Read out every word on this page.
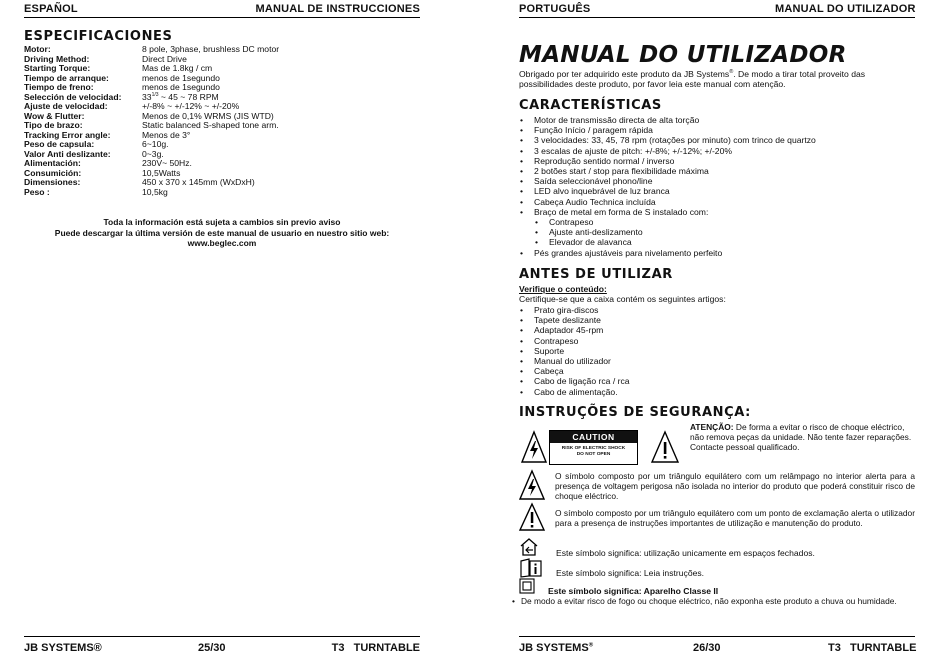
ESPAÑOL	MANUAL DE INSTRUCCIONES
ESPECIFICACIONES
Motor:	8 pole, 3phase, brushless DC motor
Driving Method:	Direct Drive
Starting Torque:	Mas de 1.8kg / cm
Tiempo de arranque:	menos de 1segundo
Tiempo de freno:	menos de 1segundo
Selección de velocidad:	$33^{1/3}$ ~ 45 ~ 78 RPM
Ajuste de velocidad:	+/-8% ~ +/-12% ~ +/-20%
Wow & Flutter:	Menos de 0,1% WRMS (JIS WTD)
Tipo de brazo:	Static balanced S-shaped tone arm.
Tracking Error angle:	Menos de 3°
Peso de capsula:	6~10g.
Valor Anti deslizante:	0~3g.
Alimentación:	230V~ 50Hz.
Consumición:	10,5Watts
Dimensiones:	450 x 370 x 145mm (WxDxH)
Peso :	10,5kg
Toda la información está sujeta a cambios sin previo aviso
Puede descargar la última versión de este manual de usuario en nuestro sitio web:
www.beglec.com
JB SYSTEMS®	25/30	T3   TURNTABLE
PORTUGUÊS	MANUAL DO UTILIZADOR
MANUAL DO UTILIZADOR
Obrigado por ter adquirido este produto da JB Systems®. De modo a tirar total proveito das possibilidades deste produto, por favor leia este manual com atenção.
CARACTERÍSTICAS
• Motor de transmissão directa de alta torção
• Função Início / paragem rápida
• 3 velocidades: 33, 45, 78 rpm (rotações por minuto) com trinco de quartzo
• 3 escalas de ajuste de pitch: +/-8%; +/-12%; +/-20%
• Reprodução sentido normal / inverso
• 2 botões start / stop para flexibilidade máxima
• Saída seleccionável phono/line
• LED alvo inquebrável de luz branca
• Cabeça Audio Technica incluída
• Braço de metal em forma de S instalado com:
• Contrapeso
• Ajuste anti-deslizamento
• Elevador de alavanca
• Pés grandes ajustáveis para nivelamento perfeito
ANTES DE UTILIZAR
Verifique o conteúdo:
Certifique-se que a caixa contém os seguintes artigos:
• Prato gira-discos
• Tapete deslizante
• Adaptador 45-rpm
• Contrapeso
• Suporte
• Manual do utilizador
• Cabeça
• Cabo de ligação rca / rca
• Cabo de alimentação.
INSTRUÇÕES DE SEGURANÇA:
CAUTION
RISK OF ELECTRIC SHOCK
DO NOT OPEN
ATENÇÃO: De forma a evitar o risco de choque eléctrico, não remova peças da unidade. Não tente fazer reparações. Contacte pessoal qualificado.
O símbolo composto por um triângulo equilátero com um relâmpago no interior alerta para a presença de voltagem perigosa não isolada no interior do produto que poderá constituir risco de choque eléctrico.
O símbolo composto por um triângulo equilátero com um ponto de exclamação alerta o utilizador para a presença de instruções importantes de utilização e manutenção do produto.
Este símbolo significa: utilização unicamente em espaços fechados.
Este símbolo significa: Leia instruções.
Este símbolo significa: Aparelho Classe II
• De modo a evitar risco de fogo ou choque eléctrico, não exponha este produto a chuva ou humidade.
JB SYSTEMS®	26/30	T3   TURNTABLE
